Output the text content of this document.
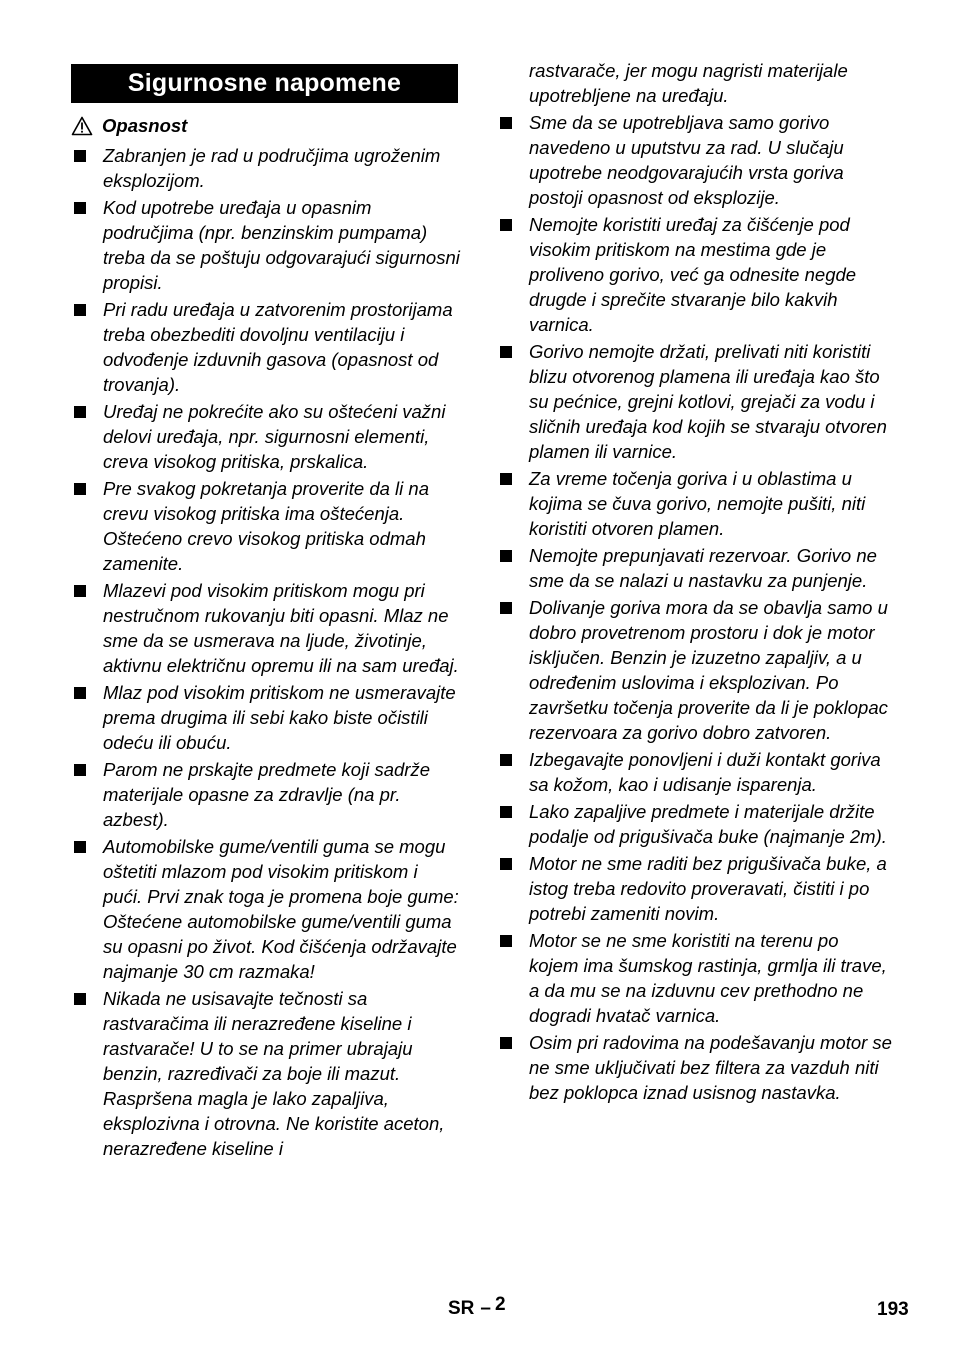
Sigurnosne napomene
Opasnost
Zabranjen je rad u područjima ugroženim eksplozijom.
Kod upotrebe uređaja u opasnim područjima (npr. benzinskim pumpama) treba da se poštuju odgovarajući sigurnosni propisi.
Pri radu uređaja u zatvorenim prostorijama treba obezbediti dovoljnu ventilaciju i odvođenje izduvnih gasova (opasnost od trovanja).
Uređaj ne pokrećite ako su oštećeni važni delovi uređaja, npr. sigurnosni elementi, creva visokog pritiska, prskalica.
Pre svakog pokretanja proverite da li na crevu visokog pritiska ima oštećenja. Oštećeno crevo visokog pritiska odmah zamenite.
Mlazevi pod visokim pritiskom mogu pri nestručnom rukovanju biti opasni. Mlaz ne sme da se usmerava na ljude, životinje, aktivnu električnu opremu ili na sam uređaj.
Mlaz pod visokim pritiskom ne usmeravajte prema drugima ili sebi kako biste očistili odeću ili obuću.
Parom ne prskajte predmete koji sadrže materijale opasne za zdravlje (na pr. azbest).
Automobilske gume/ventili guma se mogu oštetiti mlazom pod visokim pritiskom i pući. Prvi znak toga je promena boje gume: Oštećene automobilske gume/ventili guma su opasni po život. Kod čišćenja održavajte najmanje 30 cm razmaka!
Nikada ne usisavajte tečnosti sa rastvaračima ili nerazređene kiseline i rastvarače! U to se na primer ubrajaju benzin, razređivači za boje ili mazut. Raspršena magla je lako zapaljiva, eksplozivna i otrovna. Ne koristite aceton, nerazređene kiseline i
rastvarače, jer mogu nagristi materijale upotrebljene na uređaju.
Sme da se upotrebljava samo gorivo navedeno u uputstvu za rad. U slučaju upotrebe neodgovarajućih vrsta goriva postoji opasnost od eksplozije.
Nemojte koristiti uređaj za čišćenje pod visokim pritiskom na mestima gde je proliveno gorivo, već ga odnesite negde drugde i sprečite stvaranje bilo kakvih varnica.
Gorivo nemojte držati, prelivati niti koristiti blizu otvorenog plamena ili uređaja kao što su pećnice, grejni kotlovi, grejači za vodu i sličnih uređaja kod kojih se stvaraju otvoren plamen ili varnice.
Za vreme točenja goriva i u oblastima u kojima se čuva gorivo, nemojte pušiti, niti koristiti otvoren plamen.
Nemojte prepunjavati rezervoar. Gorivo ne sme da se nalazi u nastavku za punjenje.
Dolivanje goriva mora da se obavlja samo u dobro provetrenom prostoru i dok je motor isključen. Benzin je izuzetno zapaljiv, a u određenim uslovima i eksplozivan. Po završetku točenja proverite da li je poklopac rezervoara za gorivo dobro zatvoren.
Izbegavajte ponovljeni i duži kontakt goriva sa kožom, kao i udisanje isparenja.
Lako zapaljive predmete i materijale držite podalje od prigušivača buke (najmanje 2m).
Motor ne sme raditi bez prigušivača buke, a istog treba redovito proveravati, čistiti i po potrebi zameniti novim.
Motor se ne sme koristiti na terenu po kojem ima šumskog rastinja, grmlja ili trave, a da mu se na izduvnu cev prethodno ne dogradi hvatač varnica.
Osim pri radovima na podešavanju motor se ne sme uključivati bez filtera za vazduh niti bez poklopca iznad usisnog nastavka.
SR – 2	193
